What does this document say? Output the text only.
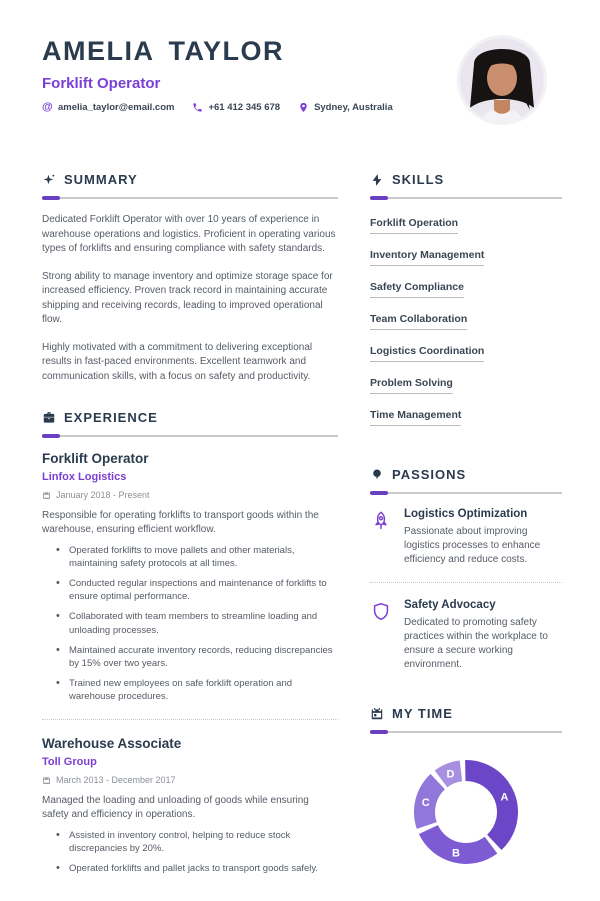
AMELIA TAYLOR
Forklift Operator
@ amelia_taylor@email.com	+61 412 345 678	Sydney, Australia
SUMMARY

Dedicated Forklift Operator with over 10 years of experience in warehouse operations and logistics. Proficient in operating various types of forklifts and ensuring compliance with safety standards.

Strong ability to manage inventory and optimize storage space for increased efficiency. Proven track record in maintaining accurate shipping and receiving records, leading to improved operational flow.

Highly motivated with a commitment to delivering exceptional results in fast-paced environments. Excellent teamwork and communication skills, with a focus on safety and productivity.

EXPERIENCE
Forklift Operator
Linfox Logistics
January 2018 - Present
Responsible for operating forklifts to transport goods within the warehouse, ensuring efficient workflow.
• Operated forklifts to move pallets and other materials, maintaining safety protocols at all times.
• Conducted regular inspections and maintenance of forklifts to ensure optimal performance.
• Collaborated with team members to streamline loading and unloading processes.
• Maintained accurate inventory records, reducing discrepancies by 15% over two years.
• Trained new employees on safe forklift operation and warehouse procedures.
Warehouse Associate
Toll Group
March 2013 - December 2017
Managed the loading and unloading of goods while ensuring safety and efficiency in operations.
• Assisted in inventory control, helping to reduce stock discrepancies by 20%.
• Operated forklifts and pallet jacks to transport goods safely.
SKILLS
Forklift OperationInventory ManagementSafety ComplianceTeam CollaborationLogistics CoordinationProblem SolvingTime Management
PASSIONS
Logistics Optimization
Passionate about improving logistics processes to enhance efficiency and reduce costs.
Safety Advocacy
Dedicated to promoting safety practices within the workplace to ensure a secure working environment.
MY TIME
A
B
C
D
